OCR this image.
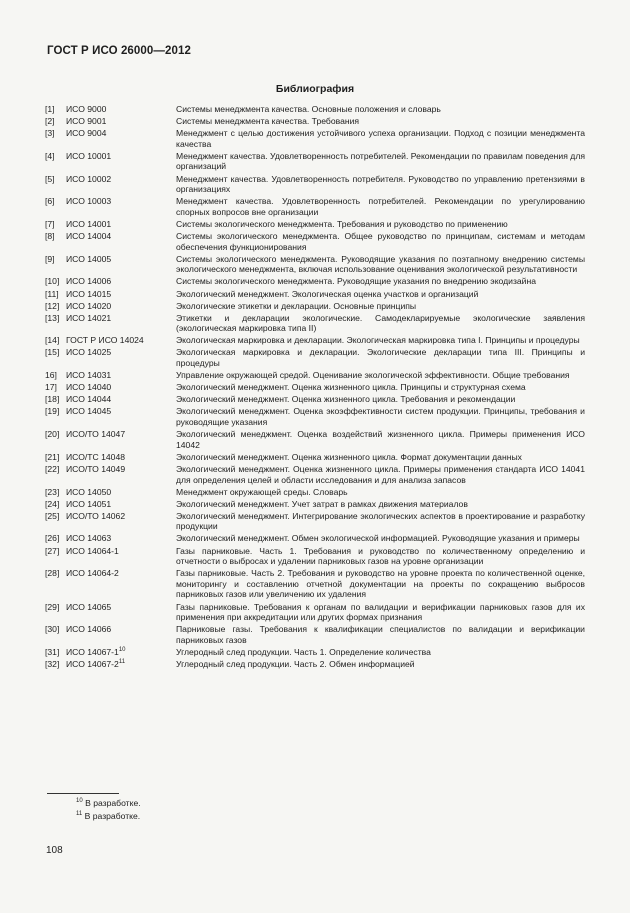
ГОСТ Р ИСО 26000—2012
Библиография
[1]	ИСО 9000	Системы менеджмента качества. Основные положения и словарь
[2]	ИСО 9001	Системы менеджмента качества. Требования
[3]	ИСО 9004	Менеджмент с целью достижения устойчивого успеха организации. Подход с позиции менеджмента качества
[4]	ИСО 10001	Менеджмент качества. Удовлетворенность потребителей. Рекомендации по правилам поведения для организаций
[5]	ИСО 10002	Менеджмент качества. Удовлетворенность потребителя. Руководство по управлению претензиями в организациях
[6]	ИСО 10003	Менеджмент качества. Удовлетворенность потребителей. Рекомендации по урегулированию спорных вопросов вне организации
[7]	ИСО 14001	Системы экологического менеджмента. Требования и руководство по применению
[8]	ИСО 14004	Системы экологического менеджмента. Общее руководство по принципам, системам и методам обеспечения функционирования
[9]	ИСО 14005	Системы экологического менеджмента. Руководящие указания по поэтапному внедрению системы экологического менеджмента, включая использование оценивания экологической результативности
[10] ИСО 14006	Системы экологического менеджмента. Руководящие указания по внедрению экодизайна
[11] ИСО 14015	Экологический менеджмент. Экологическая оценка участков и организаций
[12] ИСО 14020	Экологические этикетки и декларации. Основные принципы
[13] ИСО 14021	Этикетки и декларации экологические. Самодекларируемые экологические заявления (экологическая маркировка типа II)
[14] ГОСТ Р ИСО 14024	Экологическая маркировка и декларации. Экологическая маркировка типа I. Принципы и процедуры
[15] ИСО 14025	Экологическая маркировка и декларации. Экологические декларации типа III. Принципы и процедуры
16]	ИСО 14031	Управление окружающей средой. Оценивание экологической эффективности. Общие требования
17]	ИСО 14040	Экологический менеджмент. Оценка жизненного цикла. Принципы и структурная схема
[18] ИСО 14044	Экологический менеджмент. Оценка жизненного цикла. Требования и рекомендации
[19] ИСО 14045	Экологический менеджмент. Оценка экоэффективности систем продукции. Принципы, требования и руководящие указания
[20] ИСО/ТО 14047	Экологический менеджмент. Оценка воздействий жизненного цикла. Примеры применения ИСО 14042
[21] ИСО/ТС 14048	Экологический менеджмент. Оценка жизненного цикла. Формат документации данных
[22] ИСО/ТО 14049	Экологический менеджмент. Оценка жизненного цикла. Примеры применения стандарта ИСО 14041 для определения целей и области исследования и для анализа запасов
[23] ИСО 14050	Менеджмент окружающей среды. Словарь
[24] ИСО 14051	Экологический менеджмент. Учет затрат в рамках движения материалов
[25] ИСО/ТО 14062	Экологический менеджмент. Интегрирование экологических аспектов в проектирование и разработку продукции
[26] ИСО 14063	Экологический менеджмент. Обмен экологической информацией. Руководящие указания и примеры
[27] ИСО 14064-1	Газы парниковые. Часть 1. Требования и руководство по количественному определению и отчетности о выбросах и удалении парниковых газов на уровне организации
[28] ИСО 14064-2	Газы парниковые. Часть 2. Требования и руководство на уровне проекта по количественной оценке, мониторингу и составлению отчетной документации на проекты по сокращению выбросов парниковых газов или увеличению их удаления
[29] ИСО 14065	Газы парниковые. Требования к органам по валидации и верификации парниковых газов для их применения при аккредитации или других формах признания
[30] ИСО 14066	Парниковые газы. Требования к квалификации специалистов по валидации и верификации парниковых газов
[31] ИСО $14067-1^{10}$	Углеродный след продукции. Часть 1. Определение количества
[32] ИСО $14067-2^{11}$	Углеродный след продукции. Часть 2. Обмен информацией
$^{10}$ В разработке.
$^{11}$ В разработке.
108
